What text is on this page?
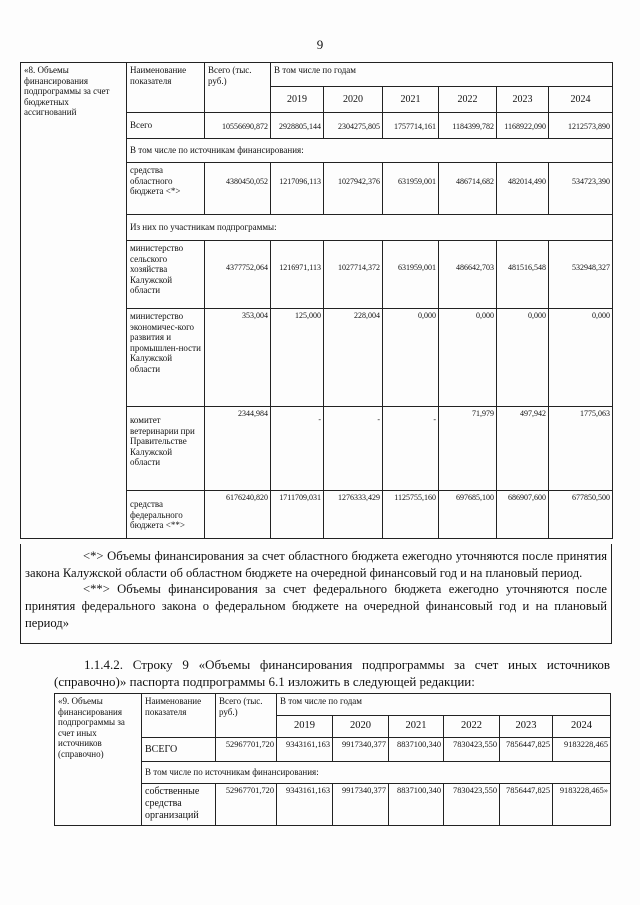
9
«8. Объемы финансирования подпрограммы за счет бюджетных ассигнований	Наименование показателя	Всего (тыс. руб.)	В том числе по годам					
			2019	2020	2021	2022	2023	2024
	Всего	10556690,872	2928805,144	2304275,805	1757714,161	1184399,782	1168922,090	1212573,890
	В том числе по источникам финансирования:							
	средства областного бюджета <*>	4380450,052	1217096,113	1027942,376	631959,001	486714,682	482014,490	534723,390
	Из них по участникам подпрограммы:							
	министерство сельского хозяйства Калужской области	4377752,064	1216971,113	1027714,372	631959,001	486642,703	481516,548	532948,327
	министерство экономичес-кого развития и промышлен-ности Калужской области	353,004	125,000	228,004	0,000	0,000	0,000	0,000
	комитет ветеринарии при Правительстве Калужской области	2344,984	-	-	-	71,979	497,942	1775,063
	средства федерального бюджета <**>	6176240,820	1711709,031	1276333,429	1125755,160	697685,100	686907,600	677850,500

<*> Объемы финансирования за счет областного бюджета ежегодно уточняются после принятия закона Калужской области об областном бюджете на очередной финансовый год и на плановый период.

<**> Объемы финансирования за счет федерального бюджета ежегодно уточняются после принятия федерального закона о федеральном бюджете на очередной финансовый год и на плановый период»

1.1.4.2. Строку 9 «Объемы финансирования подпрограммы за счет иных источников (справочно)» паспорта подпрограммы 6.1 изложить в следующей редакции:

«9. Объемы финансирования подпрограммы за счет иных источников (справочно)	Наименование показателя	Всего (тыс. руб.)	В том числе по годам					
			2019	2020	2021	2022	2023	2024
	ВСЕГО	52967701,720	9343161,163	9917340,377	8837100,340	7830423,550	7856447,825	9183228,465
	В том числе по источникам финансирования:							
	собственные средства организаций	52967701,720	9343161,163	9917340,377	8837100,340	7830423,550	7856447,825	9183228,465»
